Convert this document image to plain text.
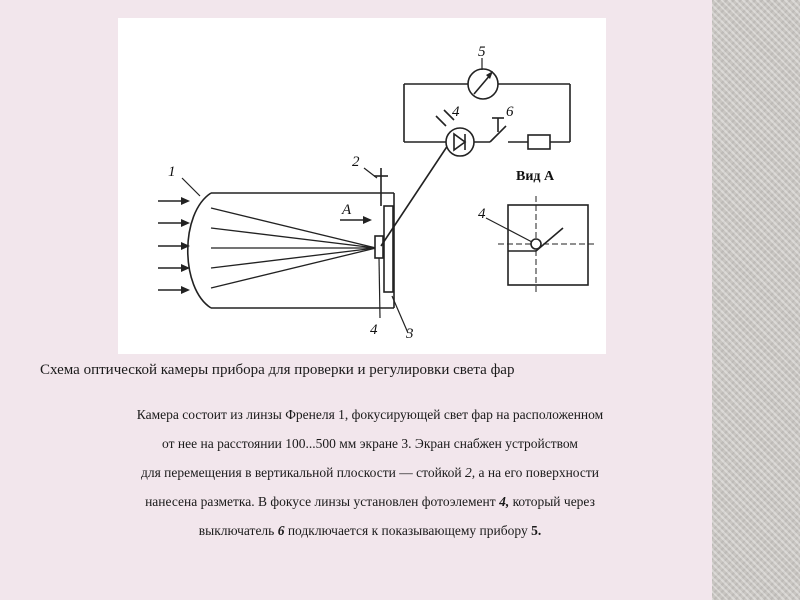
1
2
3
4
4
4
5
6
А
Вид А
Схема оптической камеры прибора для проверки и регулировки света фар
Камера состоит из линзы Френеля 1, фокусирующей свет фар на расположенном
от нее на расстоянии 100...500 мм экране 3. Экран снабжен устройством
для перемещения в вертикальной плоскости — стойкой 2, а на его поверхности
нанесена разметка. В фокусе линзы установлен фотоэлемент 4, который через
выключатель 6 подключается к показывающему прибору 5.
